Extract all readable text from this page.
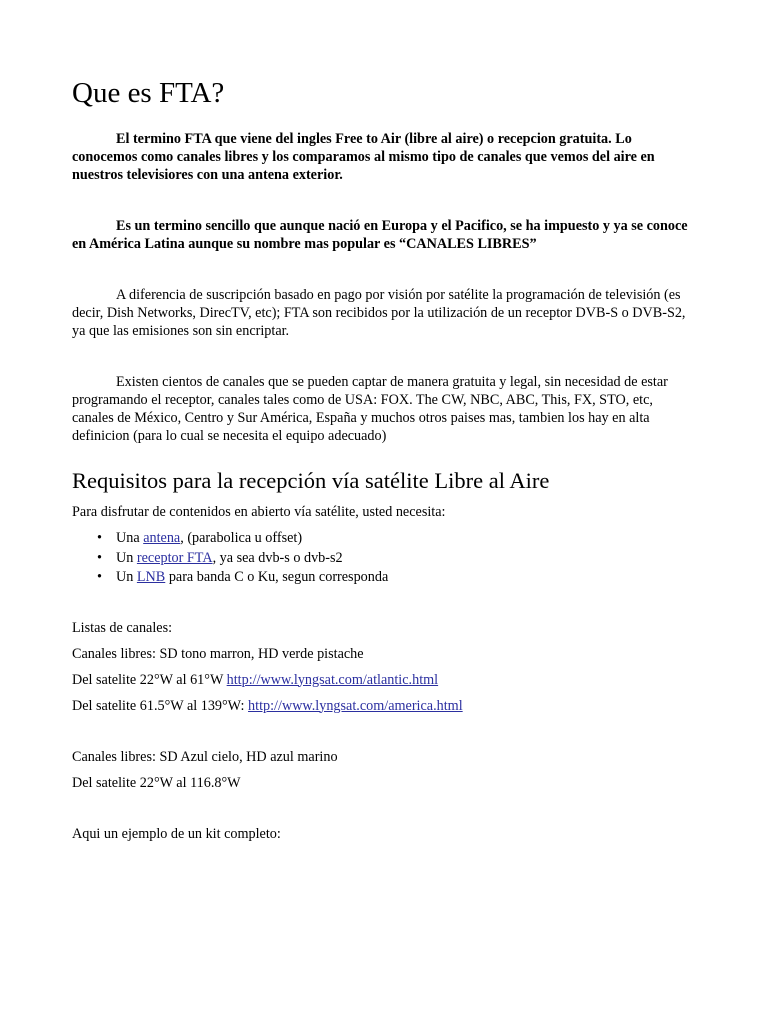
Que es FTA?

El termino FTA que viene del ingles Free to Air (libre al aire) o recepcion gratuita. Lo conocemos como canales libres y los comparamos al mismo tipo de canales que vemos del aire en nuestros televisiores con una antena exterior.

Es un termino sencillo que aunque nació en Europa y el Pacifico, se ha impuesto y ya se conoce en América Latina aunque su nombre mas popular es “CANALES LIBRES”

A diferencia de suscripción basado en pago por visión por satélite la programación de televisión (es decir, Dish Networks, DirecTV, etc); FTA son recibidos por la utilización de un receptor DVB-S o DVB-S2, ya que las emisiones son sin encriptar.

Existen cientos de canales que se pueden captar de manera gratuita y legal, sin necesidad de estar programando el receptor, canales tales como de USA: FOX. The CW, NBC, ABC, This, FX, STO, etc, canales de México, Centro y Sur América, España y muchos otros paises mas, tambien los hay en alta definicion (para lo cual se necesita el equipo adecuado)

Requisitos para la recepción vía satélite Libre al Aire

Para disfrutar de contenidos en abierto vía satélite, usted necesita:

• Una antena, (parabolica u offset)
• Un receptor FTA, ya sea dvb-s o dvb-s2
• Un LNB para banda C o Ku, segun corresponda
Listas de canales:
Canales libres: SD tono marron, HD verde pistache
Del satelite 22°W al 61°W http://www.lyngsat.com/atlantic.html
Del satelite 61.5°W al 139°W: http://www.lyngsat.com/america.html
Canales libres: SD Azul cielo, HD azul marino
Del satelite 22°W al 116.8°W
Aqui un ejemplo de un kit completo:
